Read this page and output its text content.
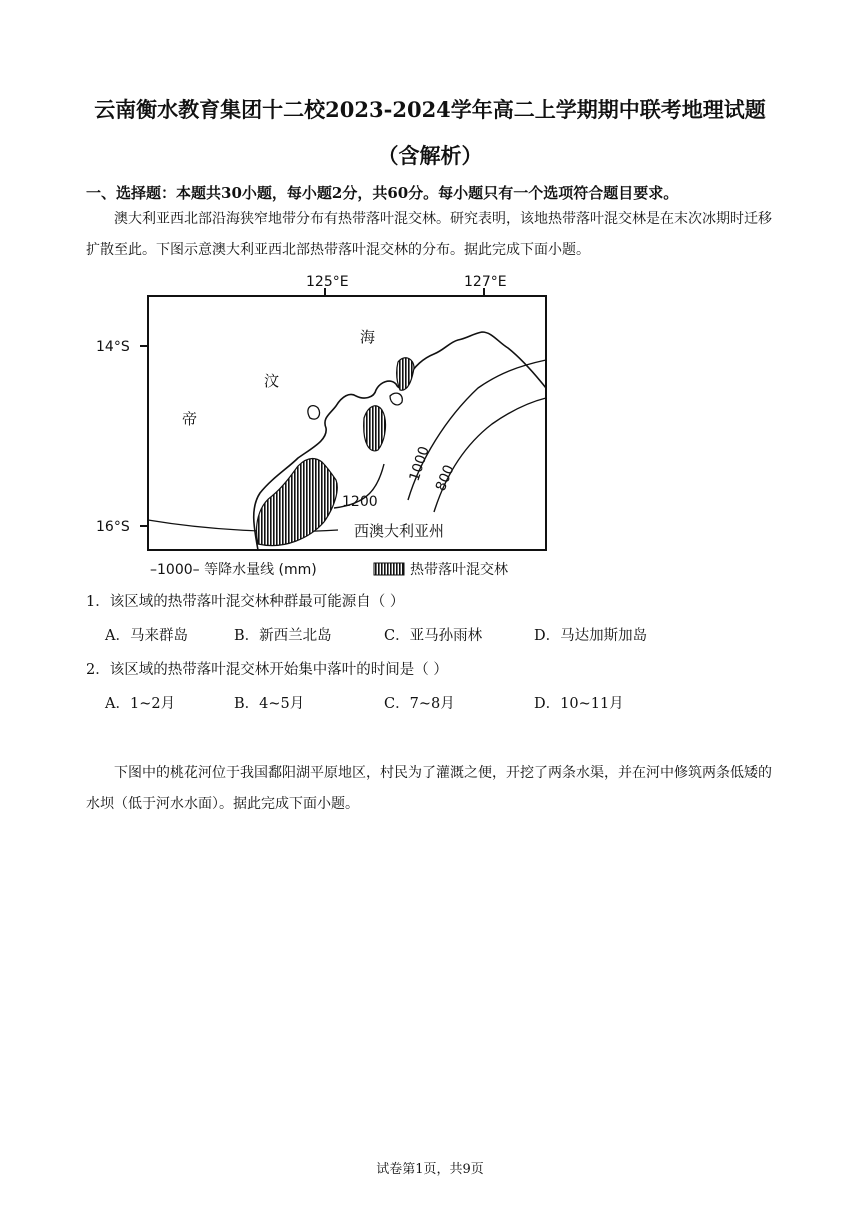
云南衡水教育集团十二校2023-2024学年高二上学期期中联考地理试题
（含解析）
一、选择题：本题共30小题，每小题2分，共60分。每小题只有一个选项符合题目要求。
澳大利亚西北部沿海狭窄地带分布有热带落叶混交林。研究表明，该地热带落叶混交林是在末次冰期时迁移扩散至此。下图示意澳大利亚西北部热带落叶混交林的分布。据此完成下面小题。
125°E	127°E
14°S
16°S
帝
汶
海
西澳大利亚州
1200
1000 800
–1000– 等降水量线 (mm)	热带落叶混交林
1．该区域的热带落叶混交林种群最可能源自（ ）
A．马来群岛	B．新西兰北岛	C．亚马孙雨林	D．马达加斯加岛
2．该区域的热带落叶混交林开始集中落叶的时间是（ ）
A．1~2月	B．4~5月	C．7~8月	D．10~11月
下图中的桃花河位于我国鄱阳湖平原地区，村民为了灌溉之便，开挖了两条水渠，并在河中修筑两条低矮的水坝（低于河水水面）。据此完成下面小题。
试卷第1页，共9页
